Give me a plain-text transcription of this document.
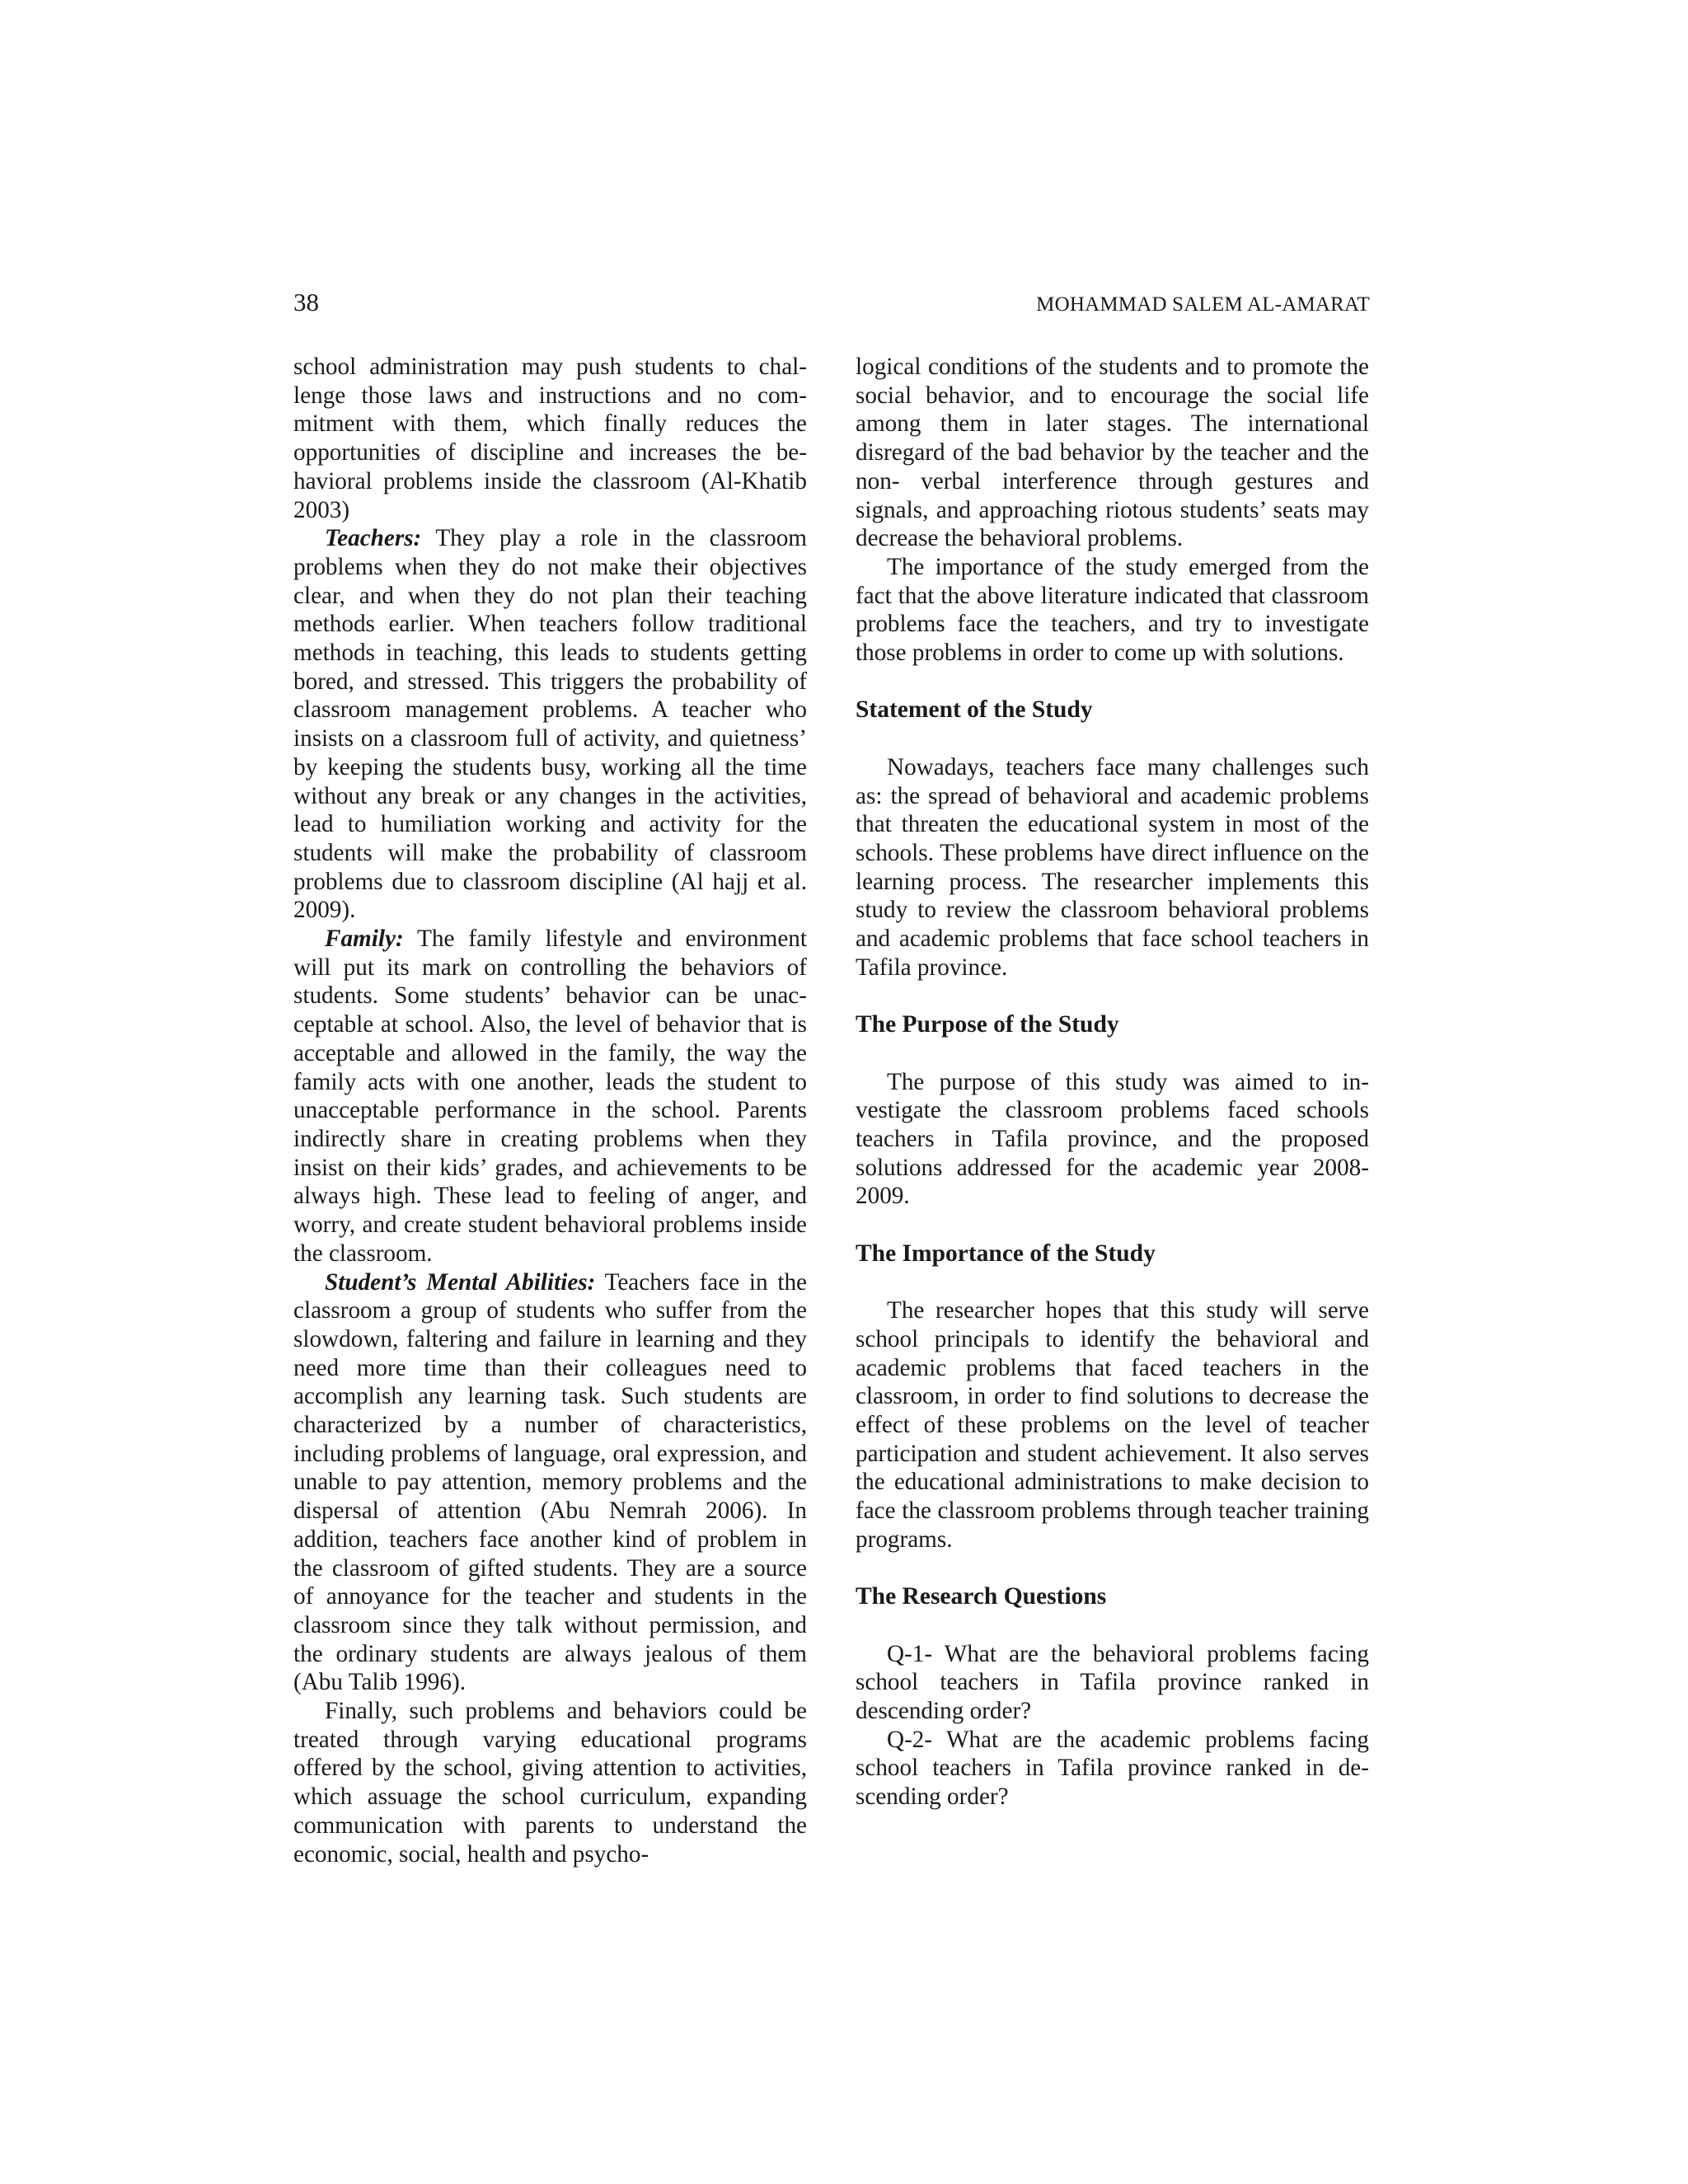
38	MOHAMMAD SALEM AL-AMARAT

school administration may push students to challenge those laws and instructions and no commitment with them, which finally reduces the opportunities of discipline and increases the behavioral problems inside the classroom (Al-Khatib 2003)

Teachers: They play a role in the classroom problems when they do not make their objectives clear, and when they do not plan their teaching methods earlier. When teachers follow traditional methods in teaching, this leads to students getting bored, and stressed. This triggers the probability of classroom management problems. A teacher who insists on a classroom full of activity, and quietness’ by keeping the students busy, working all the time without any break or any changes in the activities, lead to humiliation working and activity for the students will make the probability of classroom problems due to classroom discipline (Al hajj et al. 2009).

Family: The family lifestyle and environment will put its mark on controlling the behaviors of students. Some students’ behavior can be unacceptable at school. Also, the level of behavior that is acceptable and allowed in the family, the way the family acts with one another, leads the student to unacceptable performance in the school. Parents indirectly share in creating problems when they insist on their kids’ grades, and achievements to be always high. These lead to feeling of anger, and worry, and create student behavioral problems inside the classroom.

Student’s Mental Abilities: Teachers face in the classroom a group of students who suffer from the slowdown, faltering and failure in learning and they need more time than their colleagues need to accomplish any learning task. Such students are characterized by a number of characteristics, including problems of language, oral expression, and unable to pay attention, memory problems and the dispersal of attention (Abu Nemrah 2006). In addition, teachers face another kind of problem in the classroom of gifted students. They are a source of annoyance for the teacher and students in the classroom since they talk without permission, and the ordinary students are always jealous of them (Abu Talib 1996).

Finally, such problems and behaviors could be treated through varying educational programs offered by the school, giving attention to activities, which assuage the school curriculum, expanding communication with parents to understand the economic, social, health and psycho-

logical conditions of the students and to promote the social behavior, and to encourage the social life among them in later stages. The international disregard of the bad behavior by the teacher and the non- verbal interference through gestures and signals, and approaching riotous students’ seats may decrease the behavioral problems.

The importance of the study emerged from the fact that the above literature indicated that classroom problems face the teachers, and try to investigate those problems in order to come up with solutions.

Statement of the Study

Nowadays, teachers face many challenges such as: the spread of behavioral and academic problems that threaten the educational system in most of the schools. These problems have direct influence on the learning process. The researcher implements this study to review the classroom behavioral problems and academic problems that face school teachers in Tafila province.

The Purpose of the Study

The purpose of this study was aimed to investigate the classroom problems faced schools teachers in Tafila province, and the proposed solutions addressed for the academic year 2008-2009.

The Importance of the Study

The researcher hopes that this study will serve school principals to identify the behavioral and academic problems that faced teachers in the classroom, in order to find solutions to decrease the effect of these problems on the level of teacher participation and student achievement. It also serves the educational administrations to make decision to face the classroom problems through teacher training programs.

The Research Questions

Q-1- What are the behavioral problems facing school teachers in Tafila province ranked in descending order?

Q-2- What are the academic problems facing school teachers in Tafila province ranked in descending order?
